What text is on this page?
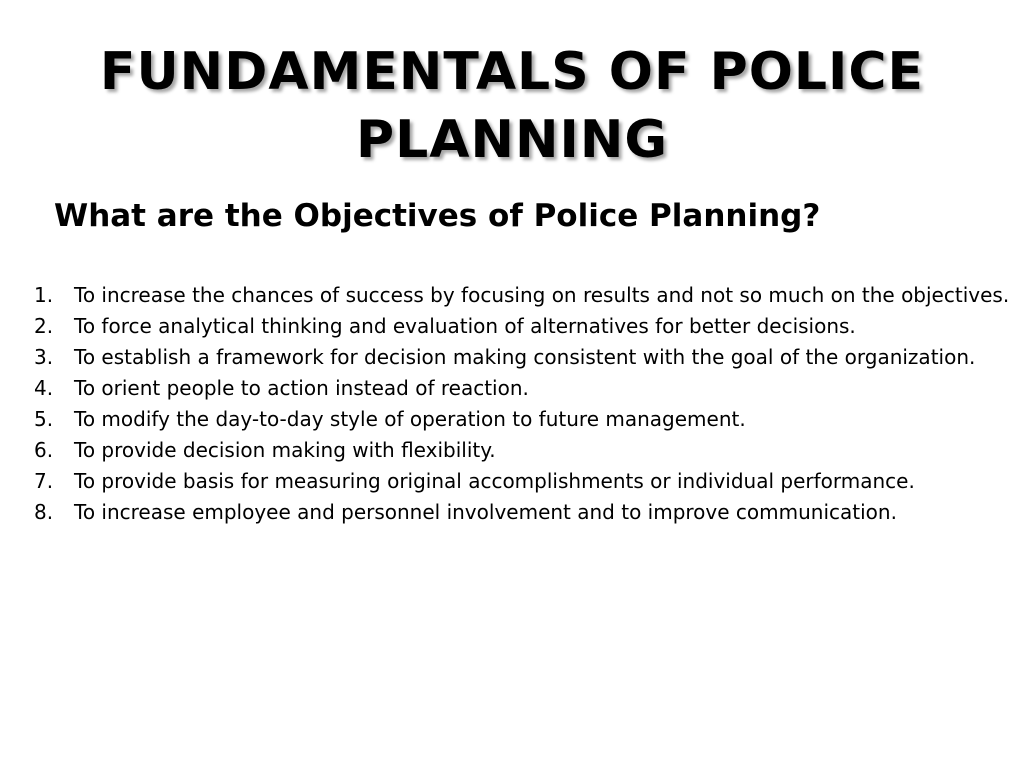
FUNDAMENTALS OF POLICE
PLANNING
What are the Objectives of Police Planning?
1.	To increase the chances of success by focusing on results and not so much on the objectives.
2.	To force analytical thinking and evaluation of alternatives for better decisions.
3.	To establish a framework for decision making consistent with the goal of the organization.
4.	To orient people to action instead of reaction.
5.	To modify the day-to-day style of operation to future management.
6.	To provide decision making with flexibility.
7.	To provide basis for measuring original accomplishments or individual performance.
8.	To increase employee and personnel involvement and to improve communication.
